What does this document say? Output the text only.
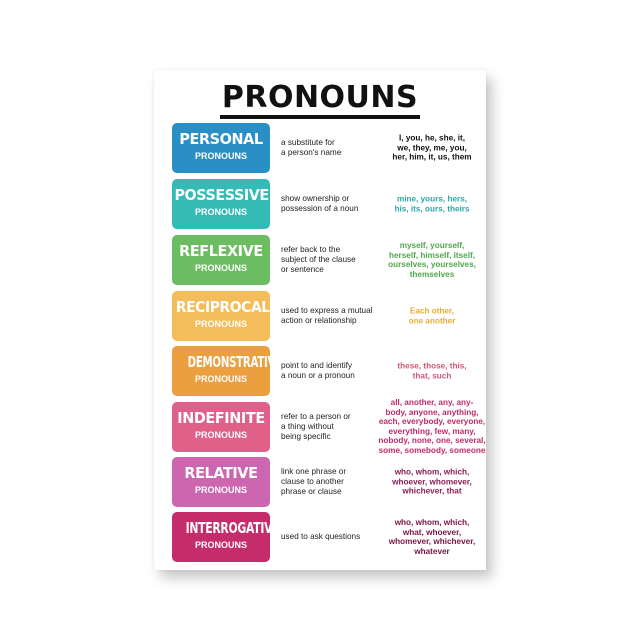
PRONOUNS
PERSONAL
PRONOUNS
a substitute for
a person's name
I, you, he, she, it,
we, they, me, you,
her, him, it, us, them
POSSESSIVE
PRONOUNS
show ownership or
possession of a noun
mine, yours, hers,
his, its, ours, theirs
REFLEXIVE
PRONOUNS
refer back to the
subject of the clause
or sentence
myself, yourself,
herself, himself, itself,
ourselves, yourselves,
themselves
RECIPROCAL
PRONOUNS
used to express a mutual
action or relationship
Each other,
one another
DEMONSTRATIVE
PRONOUNS
point to and identify
a noun or a pronoun
these, those, this,
that, such
INDEFINITE
PRONOUNS
refer to a person or
a thing without
being specific
all, another, any, any-
body, anyone, anything,
each, everybody, everyone,
everything, few, many,
nobody, none, one, several,
some, somebody, someone
RELATIVE
PRONOUNS
link one phrase or
clause to another
phrase or clause
who, whom, which,
whoever, whomever,
whichever, that
INTERROGATIVE
PRONOUNS
used to ask questions
who, whom, which,
what, whoever,
whomever, whichever,
whatever
